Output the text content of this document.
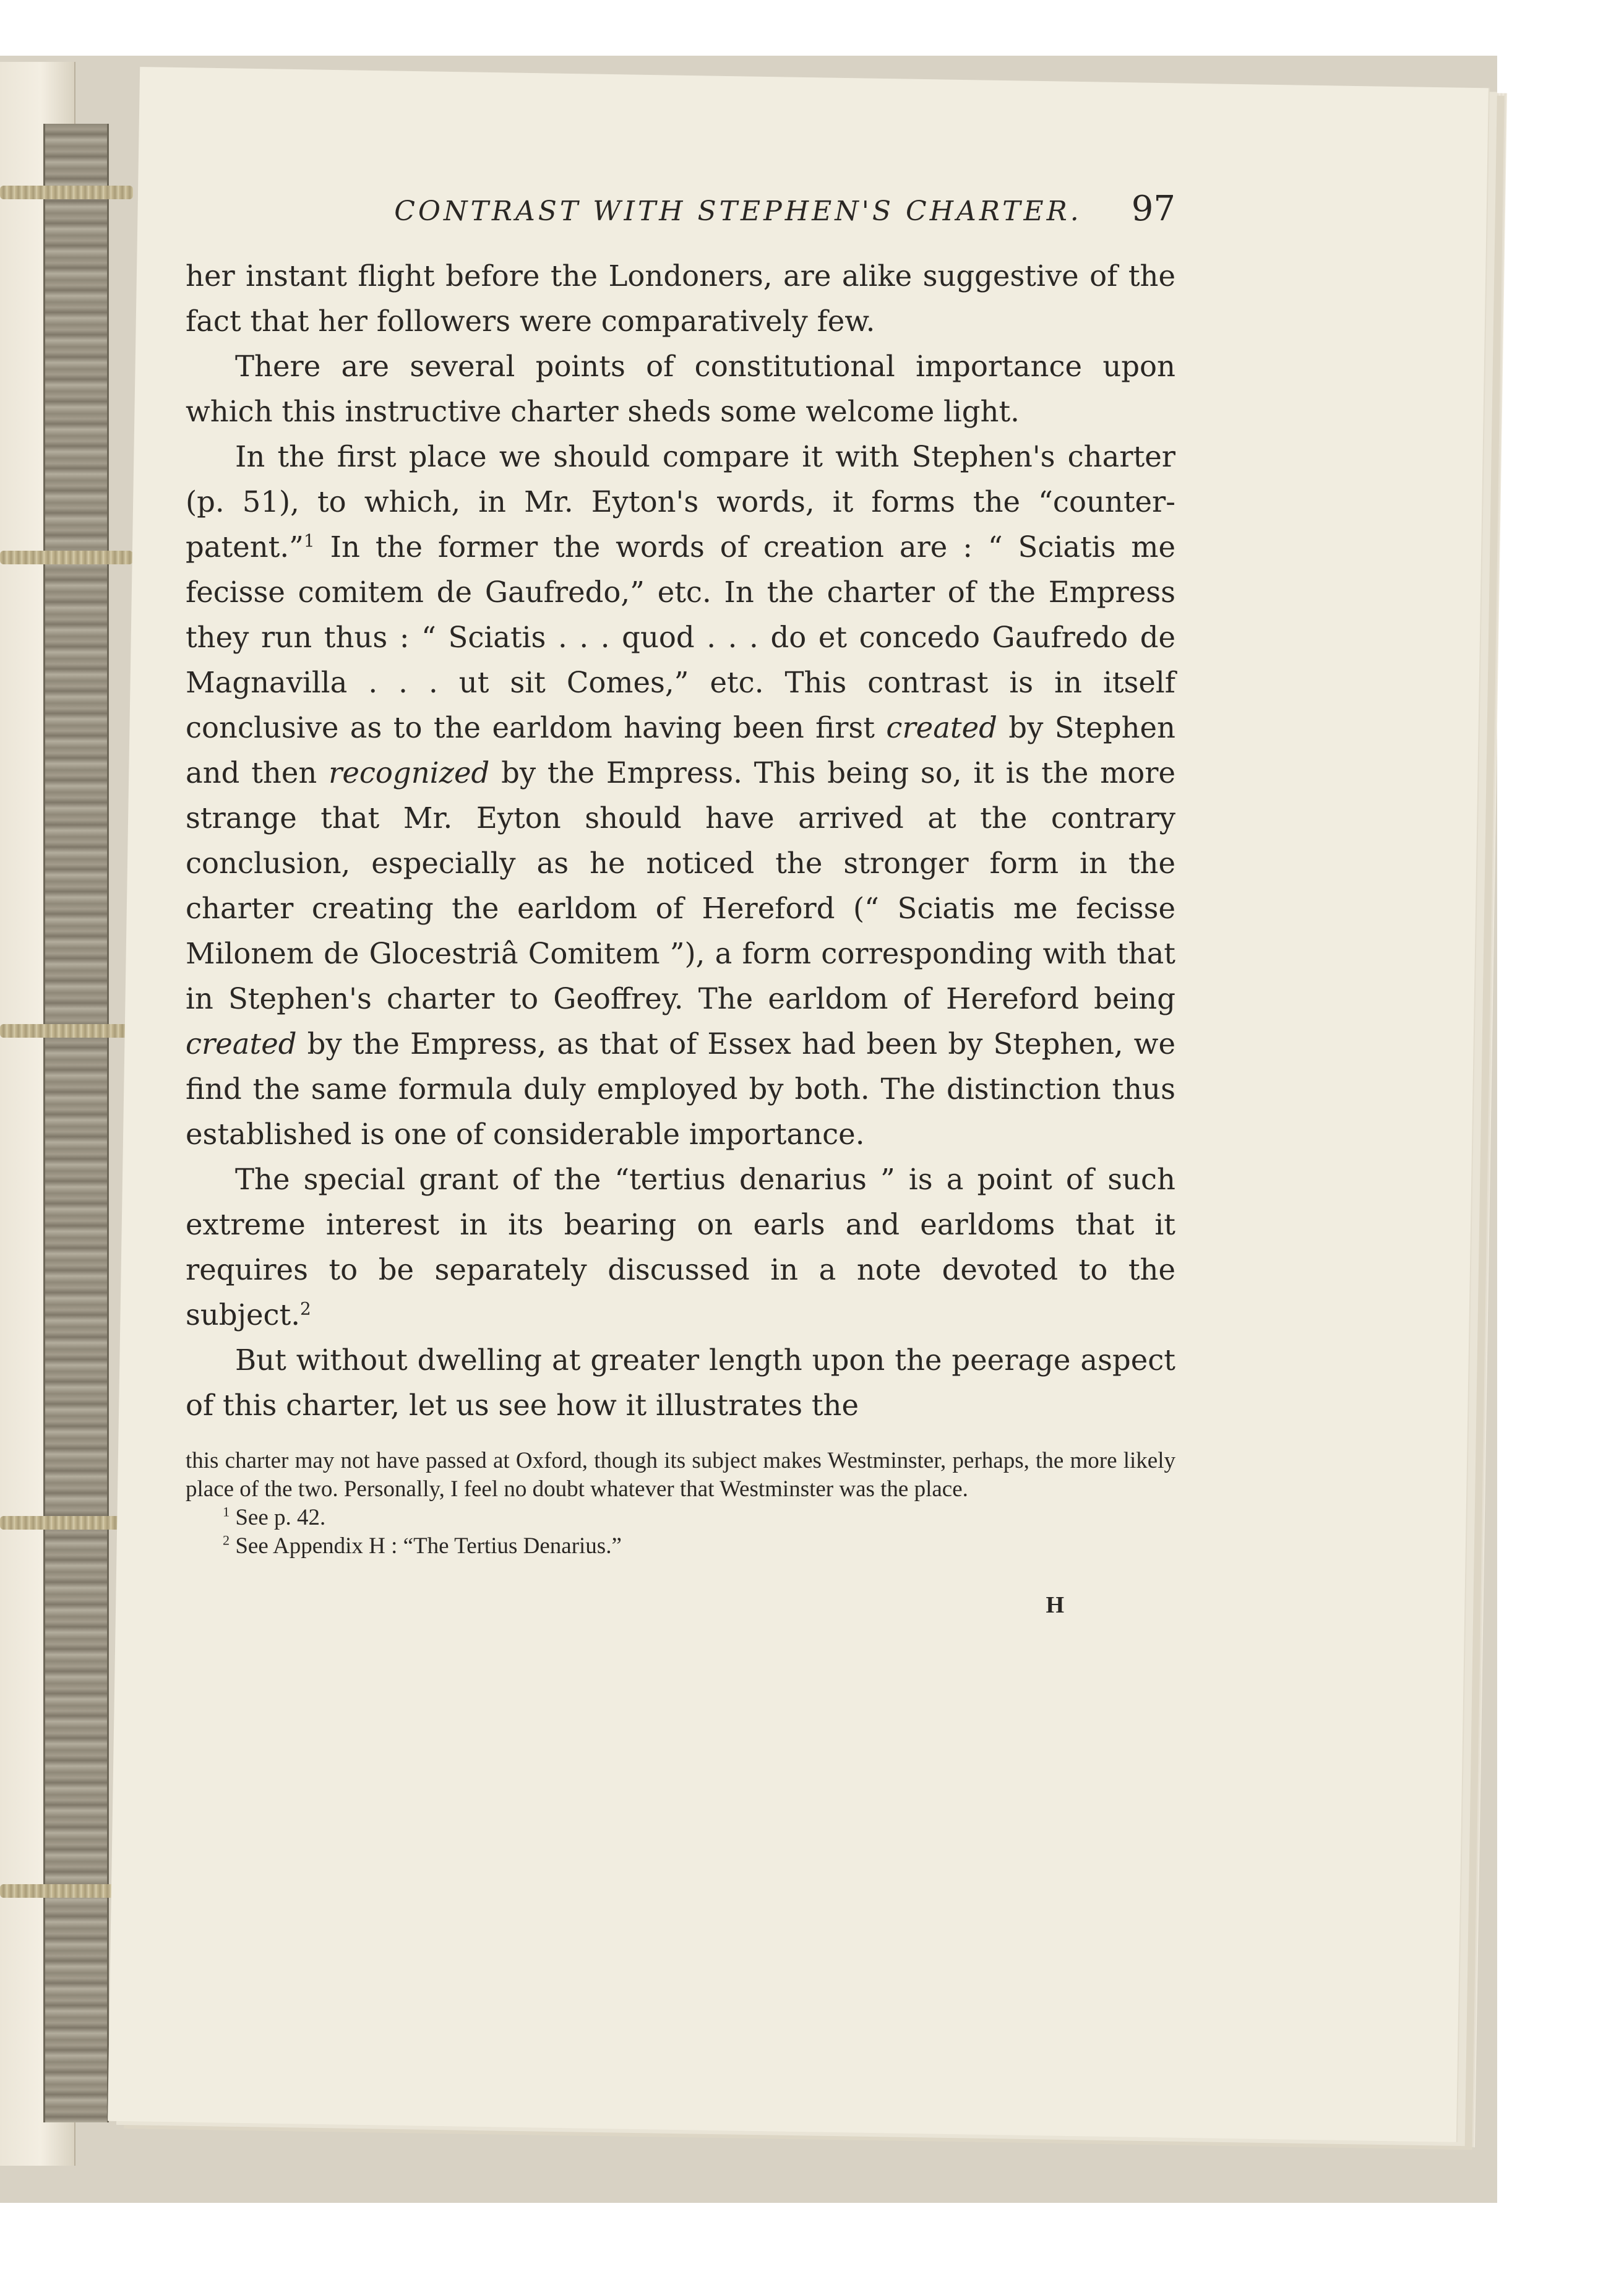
CONTRAST WITH STEPHEN'S CHARTER. 97

her instant flight before the Londoners, are alike suggestive of the fact that her followers were comparatively few.

There are several points of constitutional importance upon which this instructive charter sheds some welcome light.

In the first place we should compare it with Stephen's charter (p. 51), to which, in Mr. Eyton's words, it forms the “counter-patent.”$^1$ In the former the words of creation are : “ Sciatis me fecisse comitem de Gaufredo,” etc. In the charter of the Empress they run thus : “ Sciatis . . . quod . . . do et concedo Gaufredo de Magnavilla . . . ut sit Comes,” etc. This contrast is in itself conclusive as to the earldom having been first created by Stephen and then recognized by the Empress. This being so, it is the more strange that Mr. Eyton should have arrived at the contrary conclusion, especially as he noticed the stronger form in the charter creating the earldom of Hereford (“ Sciatis me fecisse Milonem de Glocestriâ Comitem ”), a form corresponding with that in Stephen's charter to Geoffrey. The earldom of Hereford being created by the Empress, as that of Essex had been by Stephen, we find the same formula duly employed by both. The distinction thus established is one of considerable importance.

The special grant of the “tertius denarius ” is a point of such extreme interest in its bearing on earls and earldoms that it requires to be separately discussed in a note devoted to the subject.$^2$

But without dwelling at greater length upon the peerage aspect of this charter, let us see how it illustrates the

this charter may not have passed at Oxford, though its subject makes Westminster, perhaps, the more likely place of the two. Personally, I feel no doubt whatever that Westminster was the place.

$^1$ See p. 42.

$^2$ See Appendix H : “The Tertius Denarius.”

H
